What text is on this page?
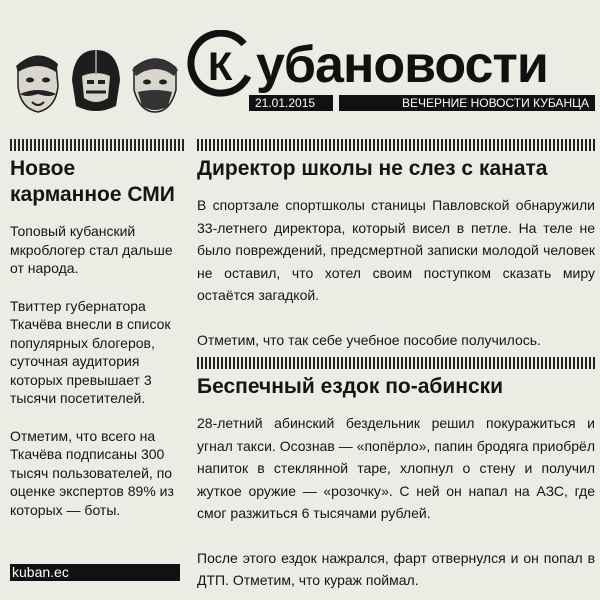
К убановости
21.01.2015	ВЕЧЕРНИЕ НОВОСТИ КУБАНЦА
Новое карманное СМИ

Топовый кубанский мкроблогер стал дальше от народа.

Твиттер губернатора Ткачёва внесли в список популярных блогеров, суточная аудитория которых превышает 3 тысячи посетителей.

Отметим, что всего на Ткачёва подписаны 300 тысяч пользователей, по оценке экспертов 89% из которых — боты.

Директор школы не слез с каната

В спортзале спортшколы станицы Павловской обнаружили 33-летнего директора, который висел в петле. На теле не было повреждений, предсмертной записки молодой человек не оставил, что хотел своим поступком сказать миру остаётся загадкой.

Отметим, что так себе учебное пособие получилось.

Беспечный ездок по-абински

28-летний абинский бездельник решил покуражиться и угнал такси. Осознав — «попёрло», папин бродяга приобрёл напиток в стеклянной таре, хлопнул о стену и получил жуткое оружие — «розочку». С ней он напал на АЗС, где смог разжиться 6 тысячами рублей.

После этого ездок нажрался, фарт отвернулся и он попал в ДТП. Отметим, что кураж поймал.

kuban.ec
